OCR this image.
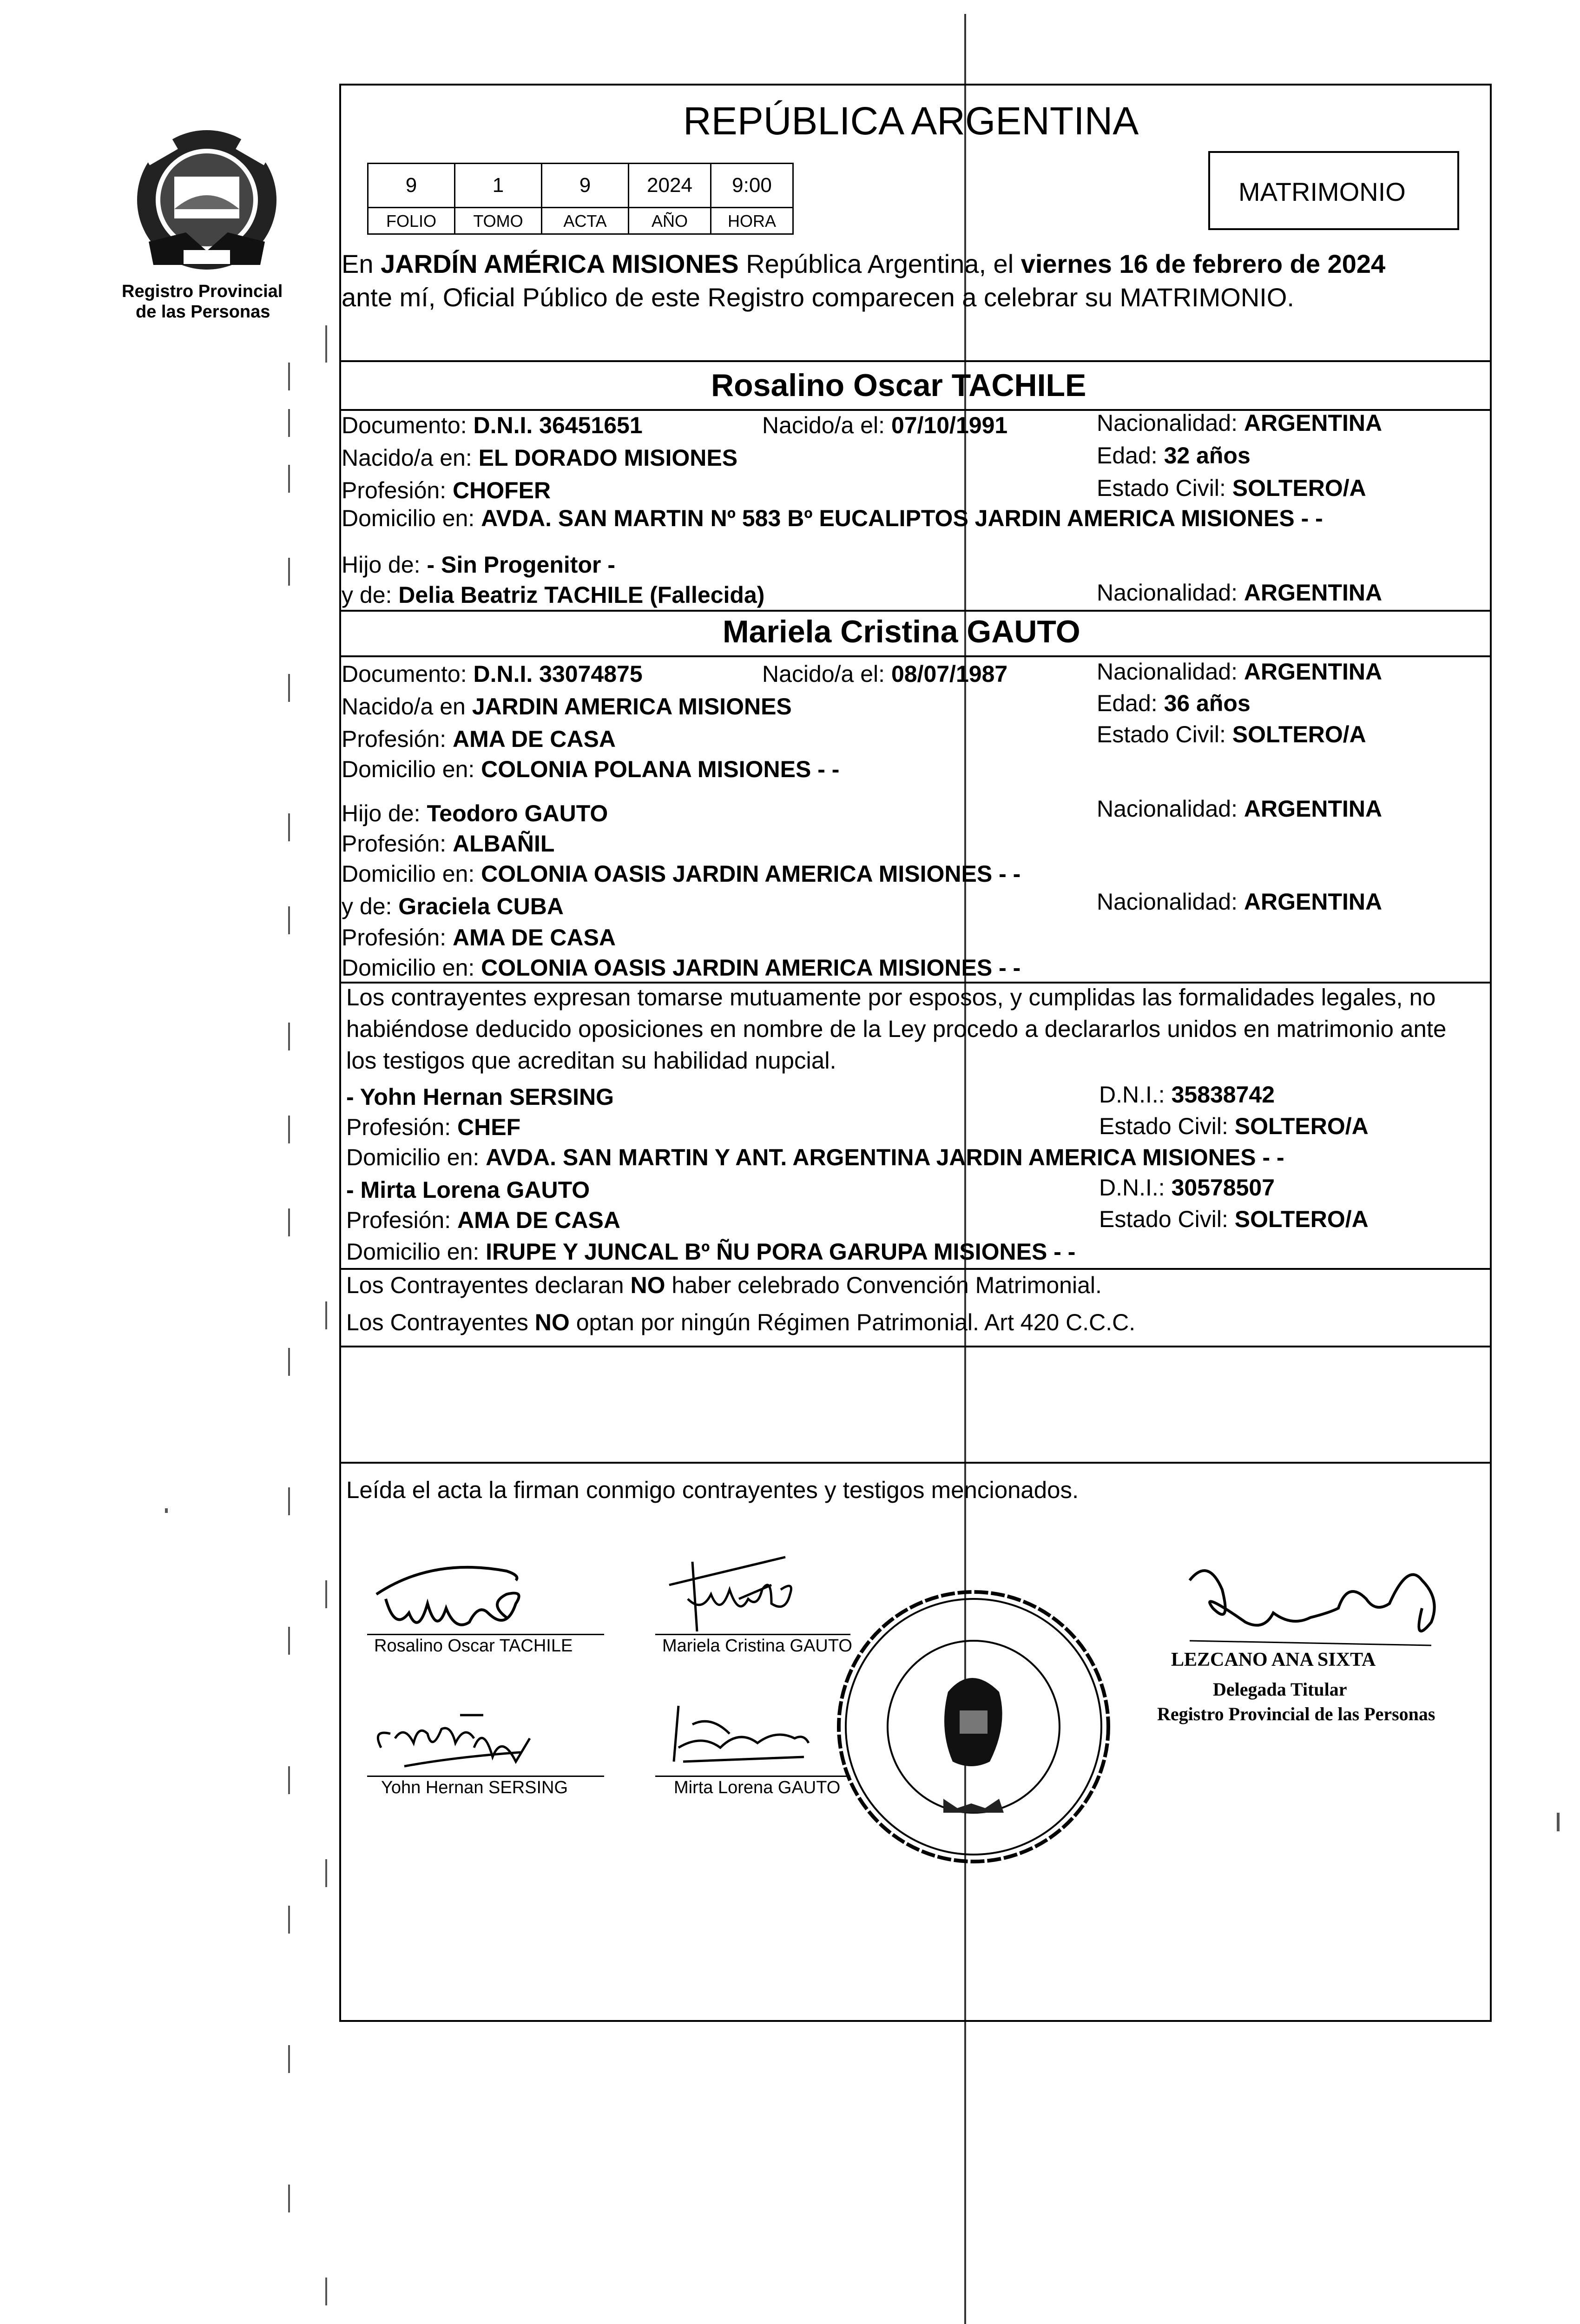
Registro Provincial
de las Personas
REPÚBLICA ARGENTINA
9	1	9	2024	9:00
FOLIO	TOMO	ACTA	AÑO	HORA
MATRIMONIO
En JARDÍN AMÉRICA MISIONES República Argentina, el viernes 16 de febrero de 2024
ante mí, Oficial Público de este Registro comparecen a celebrar su MATRIMONIO.
Rosalino Oscar TACHILE
Documento: D.N.I. 36451651	Nacido/a el: 07/10/1991	Nacionalidad: ARGENTINA
Nacido/a en: EL DORADO MISIONES	Edad: 32 años
Profesión: CHOFER	Estado Civil: SOLTERO/A
Domicilio en: AVDA. SAN MARTIN Nº 583 Bº EUCALIPTOS JARDIN AMERICA MISIONES - -
Hijo de: - Sin Progenitor -
y de: Delia Beatriz TACHILE (Fallecida)	Nacionalidad: ARGENTINA
Mariela Cristina GAUTO
Documento: D.N.I. 33074875	Nacido/a el: 08/07/1987	Nacionalidad: ARGENTINA
Nacido/a en JARDIN AMERICA MISIONES	Edad: 36 años
Profesión: AMA DE CASA	Estado Civil: SOLTERO/A
Domicilio en: COLONIA POLANA MISIONES - -
Hijo de: Teodoro GAUTO	Nacionalidad: ARGENTINA
Profesión: ALBAÑIL
Domicilio en: COLONIA OASIS JARDIN AMERICA MISIONES - -
y de: Graciela CUBA	Nacionalidad: ARGENTINA
Profesión: AMA DE CASA
Domicilio en: COLONIA OASIS JARDIN AMERICA MISIONES - -
Los contrayentes expresan tomarse mutuamente por esposos, y cumplidas las formalidades legales, no
habiéndose deducido oposiciones en nombre de la Ley procedo a declararlos unidos en matrimonio ante
los testigos que acreditan su habilidad nupcial.
- Yohn Hernan SERSING	D.N.I.: 35838742
Profesión: CHEF	Estado Civil: SOLTERO/A
Domicilio en: AVDA. SAN MARTIN Y ANT. ARGENTINA JARDIN AMERICA MISIONES - -
- Mirta Lorena GAUTO	D.N.I.: 30578507
Profesión: AMA DE CASA	Estado Civil: SOLTERO/A
Domicilio en: IRUPE Y JUNCAL Bº ÑU PORA GARUPA MISIONES - -
Los Contrayentes declaran NO haber celebrado Convención Matrimonial.
Los Contrayentes NO optan por ningún Régimen Patrimonial. Art 420 C.C.C.
Leída el acta la firman conmigo contrayentes y testigos mencionados.
Rosalino Oscar TACHILE	Mariela Cristina GAUTO
Yohn Hernan SERSING	Mirta Lorena GAUTO
LEZCANO ANA SIXTA
Delegada Titular
Registro Provincial de las Personas
